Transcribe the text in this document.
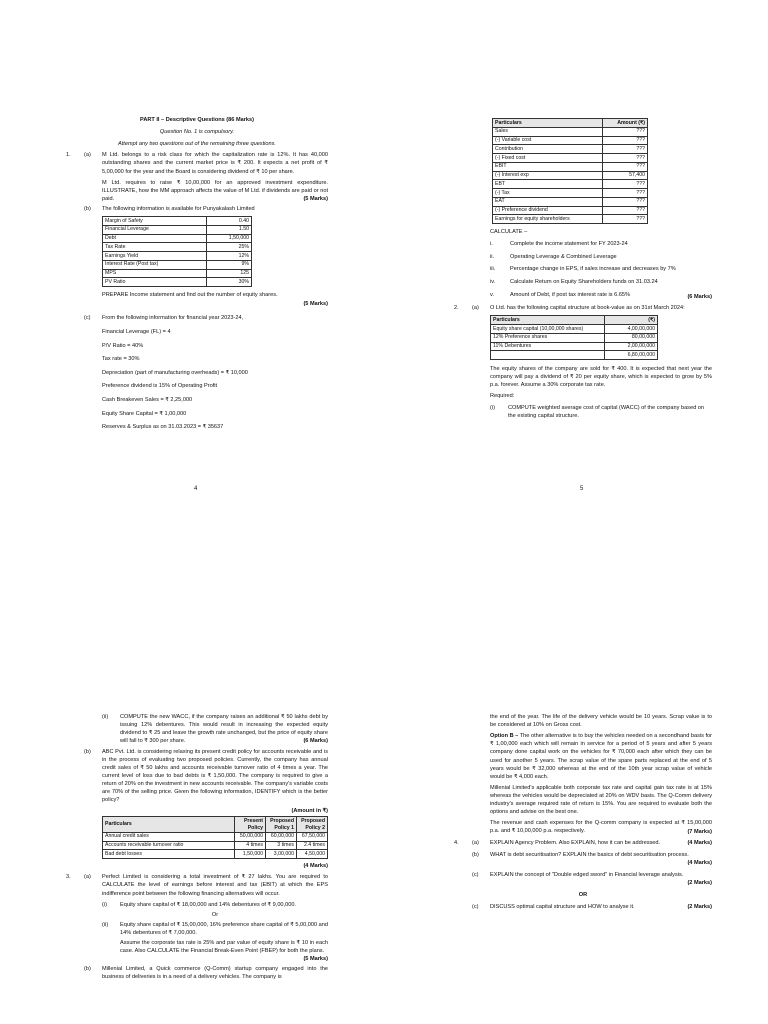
PART II – Descriptive Questions (86 Marks)
Question No. 1 is compulsory.
Attempt any two questions out of the remaining three questions.
1. (a) M Ltd. belongs to a risk class for which the capitalization rate is 12%. It has 40,000 outstanding shares and the current market price is ₹ 200. It expects a net profit of ₹ 5,00,000 for the year and the Board is considering dividend of ₹ 10 per share.

M Ltd. requires to raise ₹ 10,00,000 for an approved investment expenditure. ILLUSTRATE, how the MM approach affects the value of M Ltd. if dividends are paid or not paid.	(5 Marks)
(b) The following information is available for Punyakalash Limited

Margin of Safety	0.40
Financial Leverage	1.50
Debt	1,50,000
Tax Rate	25%
Earnings Yield	12%
Interest Rate (Post tax)	9%
MPS	125
PV Ratio	30%

PREPARE Income statement and find out the number of equity shares.

(5 Marks)
(c) From the following information for financial year 2023-24,
Financial Leverage (FL) = 4
P/V Ratio = 40%
Tax rate = 30%
Depreciation (part of manufacturing overheads) = ₹ 10,000
Preference dividend is 15% of Operating Profit
Cash Breakeven Sales = ₹ 2,25,000
Equity Share Capital = ₹ 1,00,000
Reserves & Surplus as on 31.03.2023 = ₹ 35637
4
Particulars	Amount (₹)
Sales	???
(-) Variable cost	???
Contribution	???
(-) Fixed cost	???
EBIT	???
(-) Interest exp	57,400
EBT	???
(-) Tax	???
EAT	???
(-) Preference dividend	???
Earnings for equity shareholders	???
CALCULATE –
i.	Complete the income statement for FY 2023-24
ii.	Operating Leverage & Combined Leverage
iii.	Percentage change in EPS, if sales increase and decreases by 7%
iv.	Calculate Return on Equity Shareholders funds on 31.03.24
v.	Amount of Debt, if post tax interest rate is 6.65%	(6 Marks)
2. (a) O Ltd. has the following capital structure at book-value as on 31st March 2024:

Particulars	(₹)
Equity share capital (10,00,000 shares)	4,00,00,000
12% Preference shares	80,00,000
11% Debentures	2,00,00,000
	6,80,00,000

The equity shares of the company are sold for ₹ 400. It is expected that next year the company will pay a dividend of ₹ 20 per equity share, which is expected to grow by 5% p.a. forever. Assume a 30% corporate tax rate.

Required:

(i) COMPUTE weighted average cost of capital (WACC) of the company based on the existing capital structure.
5
(ii) COMPUTE the new WACC, if the company raises an additional ₹ 50 lakhs debt by issuing 12% debentures. This would result in increasing the expected equity dividend to ₹ 25 and leave the growth rate unchanged, but the price of equity share will fall to ₹ 300 per share.	(6 Marks)
(b) ABC Pvt. Ltd. is considering relaxing its present credit policy for accounts receivable and is in the process of evaluating two proposed policies. Currently, the company has annual credit sales of ₹ 50 lakhs and accounts receivable turnover ratio of 4 times a year. The current level of loss due to bad debts is ₹ 1,50,000. The company is required to give a return of 20% on the investment in new accounts receivable. The company's variable costs are 70% of the selling price. Given the following information, IDENTIFY which is the better policy?

(Amount in ₹)
Particulars	Present Policy	Proposed Policy 1	Proposed Policy 2
Annual credit sales	50,00,000	60,00,000	67,50,000
Accounts receivable turnover ratio	4 times	3 times	2.4 times
Bad debt losses	1,50,000	3,00,000	4,50,000
(4 Marks)
3. (a) Perfect Limited is considering a total investment of ₹ 27 lakhs. You are required to CALCULATE the level of earnings before interest and tax (EBIT) at which the EPS indifference point between the following financing alternatives will occur.

(i) Equity share capital of ₹ 18,00,000 and 14% debentures of ₹ 9,00,000.
Or
(ii) Equity share capital of ₹ 15,00,000, 16% preference share capital of ₹ 5,00,000 and 14% debentures of ₹ 7,00,000.

Assume the corporate tax rate is 25% and par value of equity share is ₹ 10 in each case. Also CALCULATE the Financial Break-Even Point (FBEP) for both the plans.

(5 Marks)
(b) Millenial Limited, a Quick commerce (Q-Comm) startup company engaged into the business of deliveries is in a need of a delivery vehicles. The company is

the end of the year. The life of the delivery vehicle would be 10 years. Scrap value is to be considered at 10% on Gross cost.

Option B – The other alternative is to buy the vehicles needed on a secondhand basis for ₹ 1,00,000 each which will remain in service for a period of 5 years and after 5 years company done capital work on the vehicles for ₹ 70,000 each after which they can be used for another 5 years. The scrap value of the spare parts replaced at the end of 5 years would be ₹ 32,000 whereas at the end of the 10th year scrap value of vehicle would be ₹ 4,000 each.

Millenial Limited's applicable both corporate tax rate and capital gain tax rate is at 15% whereas the vehicles would be depreciated at 20% on WDV basis. The Q-Comm delivery industry's average required rate of return is 15%. You are required to evaluate both the options and advise on the best one.

The revenue and cash expenses for the Q-comm company is expected at ₹ 15,00,000 p.a. and ₹ 10,00,000 p.a. respectively.	(7 Marks)
4. (a) EXPLAIN Agency Problem. Also EXPLAIN, how it can be addressed.	(4 Marks)
(b) WHAT is debt securitisation? EXPLAIN the basics of debt securitisation process.
(4 Marks)
(c) EXPLAIN the concept of "Double edged sword" in Financial leverage analysis.
(2 Marks)
OR
(c) DISCUSS optimal capital structure and HOW to analyse it.	(2 Marks)
